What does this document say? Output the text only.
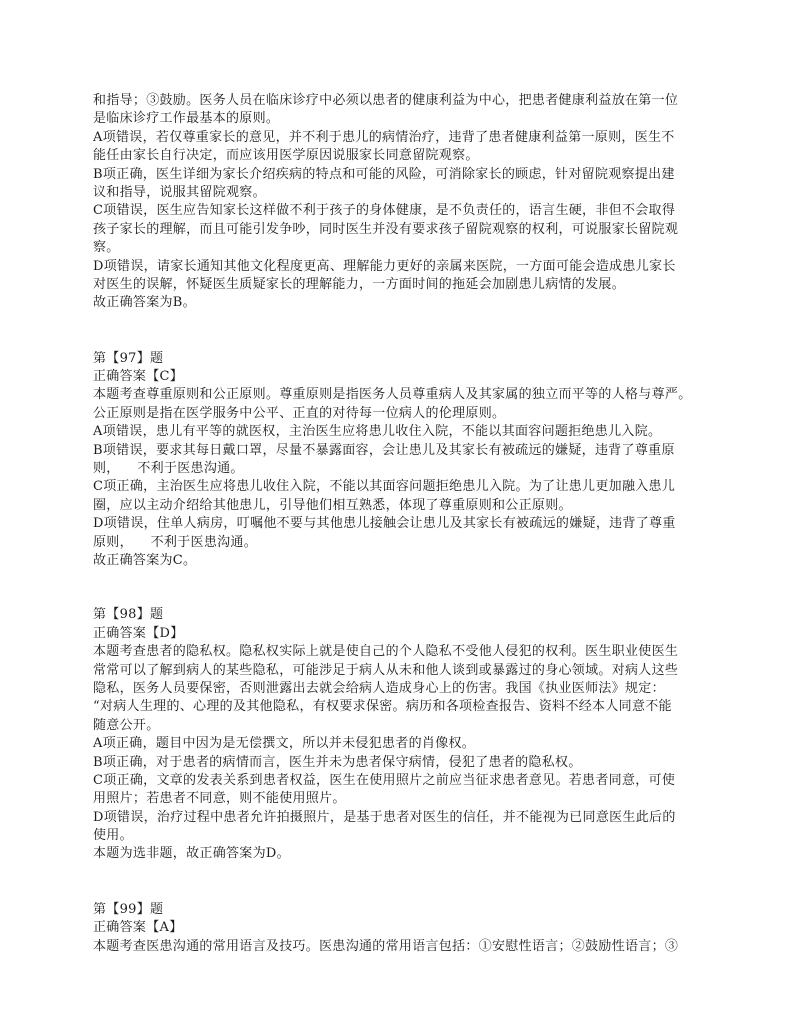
和指导；③鼓励。医务人员在临床诊疗中必须以患者的健康利益为中心，把患者健康利益放在第一位
是临床诊疗工作最基本的原则。
A项错误，若仅尊重家长的意见，并不利于患儿的病情治疗，违背了患者健康利益第一原则，医生不
能任由家长自行决定，而应该用医学原因说服家长同意留院观察。
B项正确，医生详细为家长介绍疾病的特点和可能的风险，可消除家长的顾虑，针对留院观察提出建
议和指导，说服其留院观察。
C项错误，医生应告知家长这样做不利于孩子的身体健康，是不负责任的，语言生硬，非但不会取得
孩子家长的理解，而且可能引发争吵，同时医生并没有要求孩子留院观察的权利，可说服家长留院观
察。
D项错误，请家长通知其他文化程度更高、理解能力更好的亲属来医院，一方面可能会造成患儿家长
对医生的误解，怀疑医生质疑家长的理解能力，一方面时间的拖延会加剧患儿病情的发展。
故正确答案为B。
第【97】题
正确答案【C】
本题考查尊重原则和公正原则。尊重原则是指医务人员尊重病人及其家属的独立而平等的人格与尊严。
公正原则是指在医学服务中公平、正直的对待每一位病人的伦理原则。
A项错误，患儿有平等的就医权，主治医生应将患儿收住入院，不能以其面容问题拒绝患儿入院。
B项错误，要求其每日戴口罩，尽量不暴露面容，会让患儿及其家长有被疏远的嫌疑，违背了尊重原
则，    不利于医患沟通。
C项正确，主治医生应将患儿收住入院，不能以其面容问题拒绝患儿入院。为了让患儿更加融入患儿
圈，应以主动介绍给其他患儿，引导他们相互熟悉，体现了尊重原则和公正原则。
D项错误，住单人病房，叮嘱他不要与其他患儿接触会让患儿及其家长有被疏远的嫌疑，违背了尊重
原则，    不利于医患沟通。
故正确答案为C。
第【98】题
正确答案【D】
本题考查患者的隐私权。隐私权实际上就是使自己的个人隐私不受他人侵犯的权利。医生职业使医生
常常可以了解到病人的某些隐私，可能涉足于病人从未和他人谈到或暴露过的身心领域。对病人这些
隐私，医务人员要保密，否则泄露出去就会给病人造成身心上的伤害。我国《执业医师法》规定：
“对病人生理的、心理的及其他隐私，有权要求保密。病历和各项检查报告、资料不经本人同意不能
随意公开。
A项正确，题目中因为是无偿撰文，所以并未侵犯患者的肖像权。
B项正确，对于患者的病情而言，医生并未为患者保守病情，侵犯了患者的隐私权。
C项正确，文章的发表关系到患者权益，医生在使用照片之前应当征求患者意见。若患者同意，可使
用照片；若患者不同意，则不能使用照片。
D项错误，治疗过程中患者允许拍摄照片，是基于患者对医生的信任，并不能视为已同意医生此后的
使用。
本题为选非题，故正确答案为D。
第【99】题
正确答案【A】
本题考查医患沟通的常用语言及技巧。医患沟通的常用语言包括：①安慰性语言；②鼓励性语言；③
